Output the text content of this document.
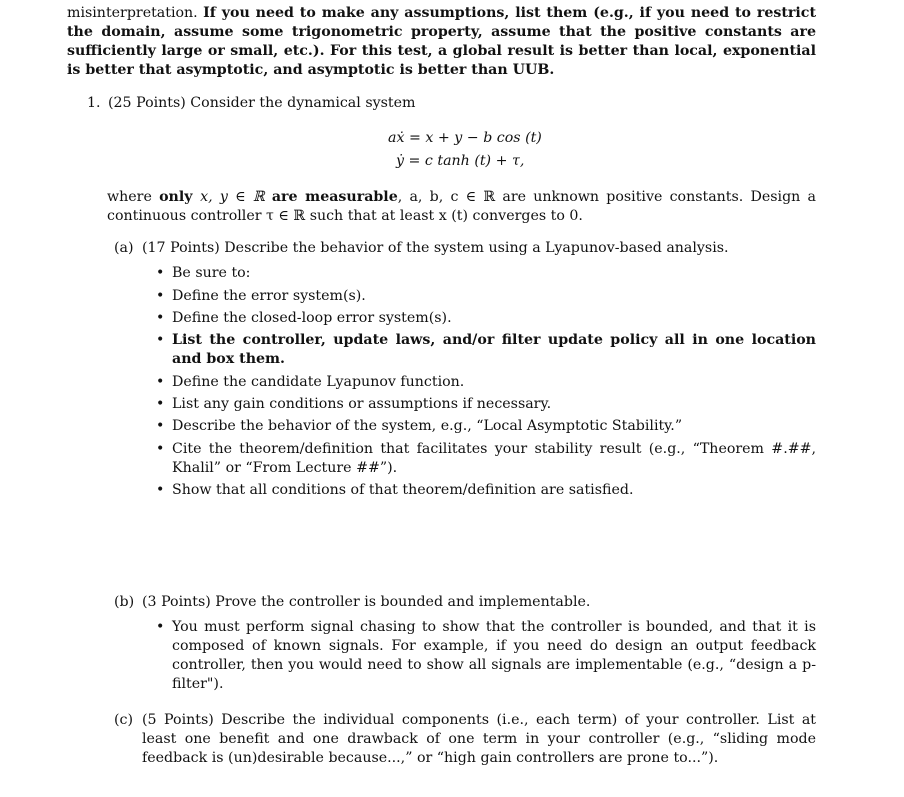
misinterpretation. If you need to make any assumptions, list them (e.g., if you need to restrict the domain, assume some trigonometric property, assume that the positive constants are sufficiently large or small, etc.). For this test, a global result is better than local, exponential is better that asymptotic, and asymptotic is better than UUB.

1. (25 Points) Consider the dynamical system
aẋ = x + y − b cos (t)
ẏ = c tanh (t) + τ,

where only x, y ∈ ℝ are measurable, a, b, c ∈ ℝ are unknown positive constants. Design a continuous controller τ ∈ ℝ such that at least x (t) converges to 0.

(a) (17 Points) Describe the behavior of the system using a Lyapunov-based analysis.
• Be sure to:
• Define the error system(s).
• Define the closed-loop error system(s).
• List the controller, update laws, and/or filter update policy all in one location and box them.
• Define the candidate Lyapunov function.
• List any gain conditions or assumptions if necessary.
• Describe the behavior of the system, e.g., “Local Asymptotic Stability.”
• Cite the theorem/definition that facilitates your stability result (e.g., “Theorem #.##, Khalil” or “From Lecture ##”).
• Show that all conditions of that theorem/definition are satisfied.
(b) (3 Points) Prove the controller is bounded and implementable.
• You must perform signal chasing to show that the controller is bounded, and that it is composed of known signals. For example, if you need do design an output feedback controller, then you would need to show all signals are implementable (e.g., “design a p-filter").
(c) (5 Points) Describe the individual components (i.e., each term) of your controller. List at least one benefit and one drawback of one term in your controller (e.g., “sliding mode feedback is (un)desirable because...,” or “high gain controllers are prone to...”).
